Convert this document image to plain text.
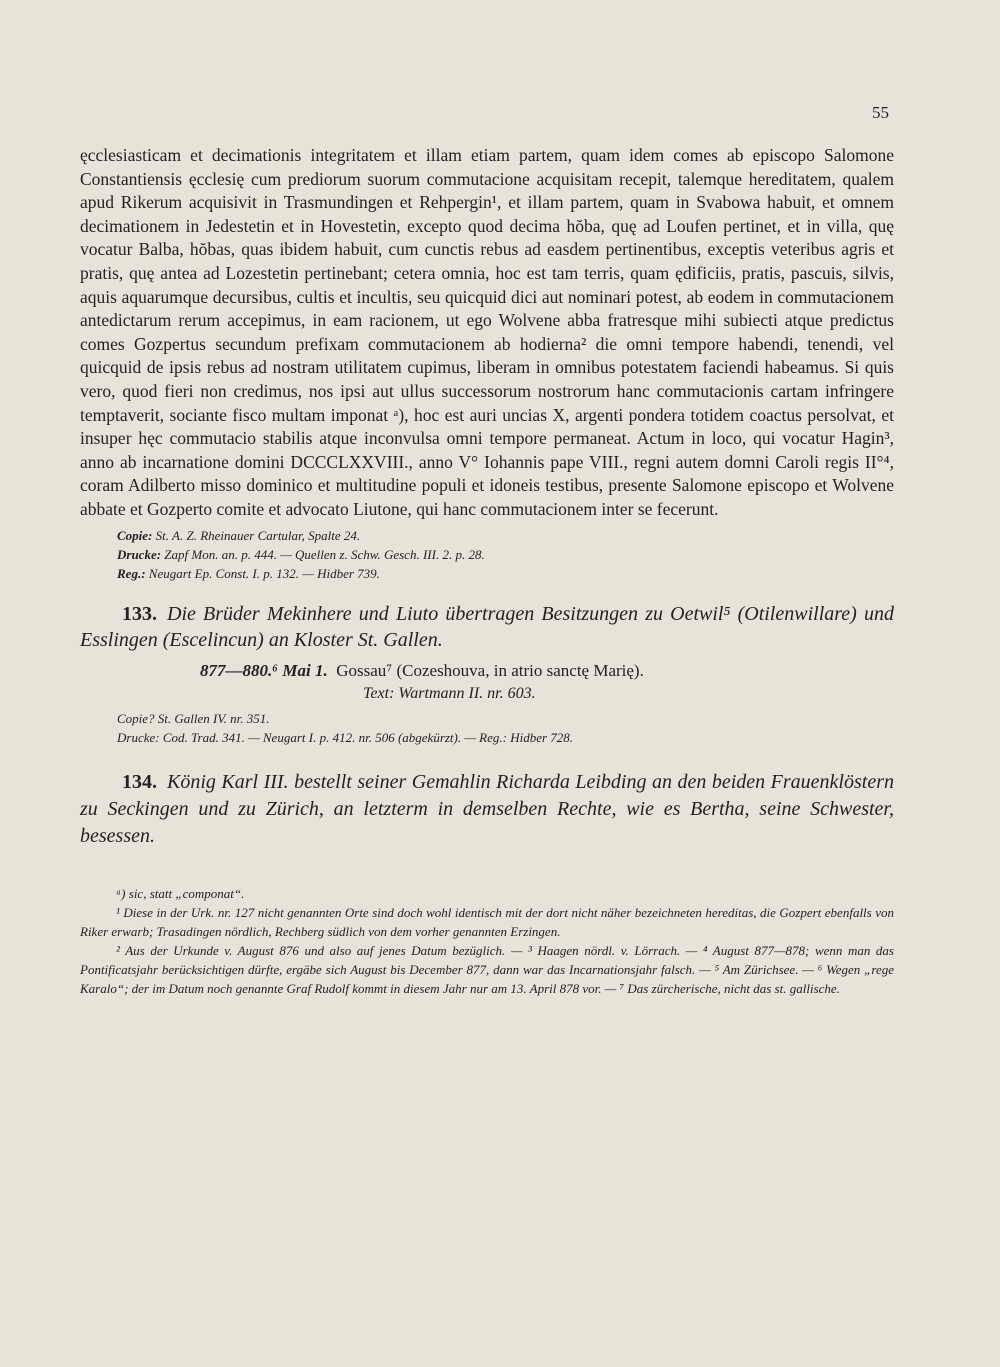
55

ęcclesiasticam et decimationis integritatem et illam etiam partem, quam idem comes ab episcopo Salomone Constantiensis ęcclesię cum prediorum suorum commutacione acquisitam recepit, talemque hereditatem, qualem apud Rikerum acquisivit in Trasmundingen et Rehpergin¹, et illam partem, quam in Svabowa habuit, et omnem decimationem in Jedestetin et in Hovestetin, excepto quod decima hŏba, quę ad Loufen pertinet, et in villa, quę vocatur Balba, hŏbas, quas ibidem habuit, cum cunctis rebus ad easdem pertinentibus, exceptis veteribus agris et pratis, quę antea ad Lozestetin pertinebant; cetera omnia, hoc est tam terris, quam ędificiis, pratis, pascuis, silvis, aquis aquarumque decursibus, cultis et incultis, seu quicquid dici aut nominari potest, ab eodem in commutacionem antedictarum rerum accepimus, in eam racionem, ut ego Wolvene abba fratresque mihi subiecti atque predictus comes Gozpertus secundum prefixam commutacionem ab hodierna² die omni tempore habendi, tenendi, vel quicquid de ipsis rebus ad nostram utilitatem cupimus, liberam in omnibus potestatem faciendi habeamus. Si quis vero, quod fieri non credimus, nos ipsi aut ullus successorum nostrorum hanc commutacionis cartam infringere temptaverit, sociante fisco multam imponat ᵃ), hoc est auri uncias X, argenti pondera totidem coactus persolvat, et insuper hęc commutacio stabilis atque inconvulsa omni tempore permaneat. Actum in loco, qui vocatur Hagin³, anno ab incarnatione domini DCCCLXXVIII., anno V° Iohannis pape VIII., regni autem domni Caroli regis II°⁴, coram Adilberto misso dominico et multitudine populi et idoneis testibus, presente Salomone episcopo et Wolvene abbate et Gozperto comite et advocato Liutone, qui hanc commutacionem inter se fecerunt.

Copie: St. A. Z. Rheinauer Cartular, Spalte 24.
Drucke: Zapf Mon. an. p. 444. — Quellen z. Schw. Gesch. III. 2. p. 28.
Reg.: Neugart Ep. Const. I. p. 132. — Hidber 739.
133. Die Brüder Mekinhere und Liuto übertragen Besitzungen zu Oetwil⁵ (Otilenwillare) und Esslingen (Escelincun) an Kloster St. Gallen.
877—880.⁶ Mai 1. Gossau⁷ (Cozeshouva, in atrio sanctę Marię).
Text: Wartmann II. nr. 603.
Copie? St. Gallen IV. nr. 351.
Drucke: Cod. Trad. 341. — Neugart I. p. 412. nr. 506 (abgekürzt). — Reg.: Hidber 728.
134. König Karl III. bestellt seiner Gemahlin Richarda Leibding an den beiden Frauenklöstern zu Seckingen und zu Zürich, an letzterm in demselben Rechte, wie es Bertha, seine Schwester, besessen.

ᵃ) sic, statt „componat“.

¹ Diese in der Urk. nr. 127 nicht genannten Orte sind doch wohl identisch mit der dort nicht näher bezeichneten hereditas, die Gozpert ebenfalls von Riker erwarb; Trasadingen nördlich, Rechberg südlich von dem vorher genannten Erzingen.

² Aus der Urkunde v. August 876 und also auf jenes Datum bezüglich. — ³ Haagen nördl. v. Lörrach. — ⁴ August 877—878; wenn man das Pontificatsjahr berücksichtigen dürfte, ergäbe sich August bis December 877, dann war das Incarnationsjahr falsch. — ⁵ Am Zürichsee. — ⁶ Wegen „rege Karalo“; der im Datum noch genannte Graf Rudolf kommt in diesem Jahr nur am 13. April 878 vor. — ⁷ Das zürcherische, nicht das st. gallische.
